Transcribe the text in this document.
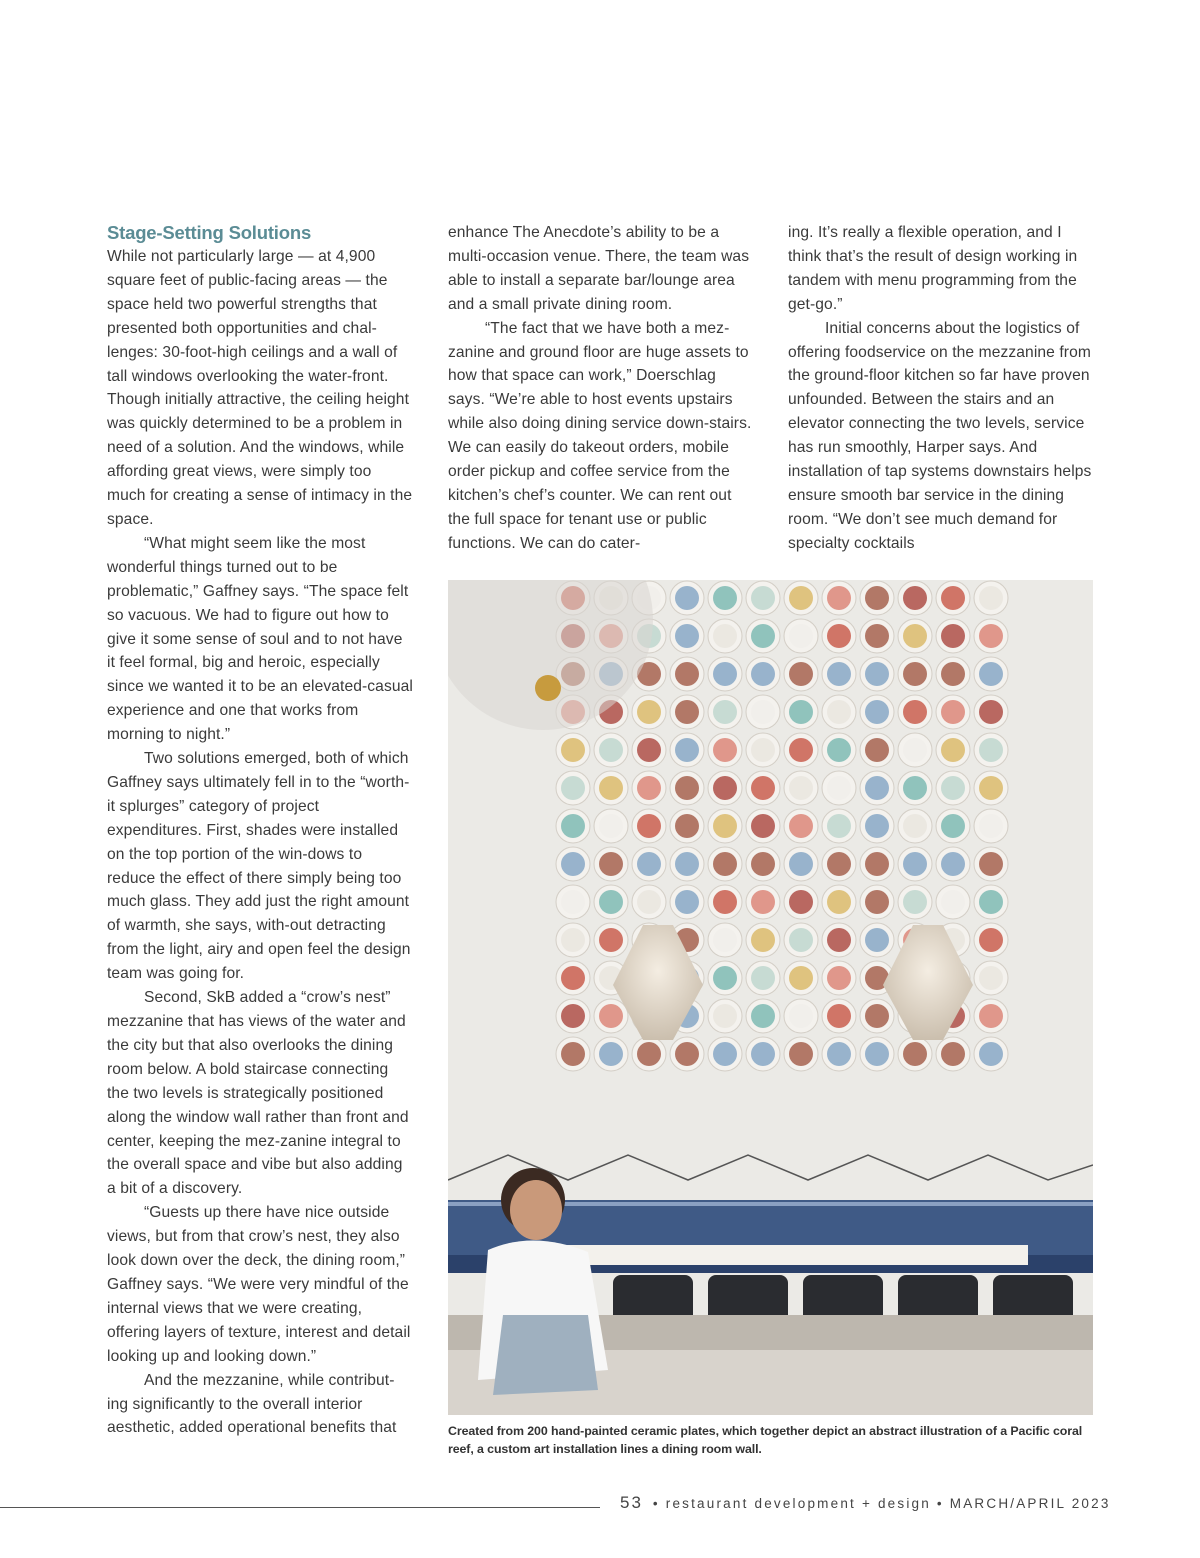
Stage-Setting Solutions

While not particularly large — at 4,900 square feet of public-facing areas — the space held two powerful strengths that presented both opportunities and chal-lenges: 30-foot-high ceilings and a wall of tall windows overlooking the water-front. Though initially attractive, the ceiling height was quickly determined to be a problem in need of a solution. And the windows, while affording great views, were simply too much for creating a sense of intimacy in the space.

“What might seem like the most wonderful things turned out to be problematic,” Gaffney says. “The space felt so vacuous. We had to figure out how to give it some sense of soul and to not have it feel formal, big and heroic, especially since we wanted it to be an elevated-casual experience and one that works from morning to night.”

Two solutions emerged, both of which Gaffney says ultimately fell in to the “worth-it splurges” category of project expenditures. First, shades were installed on the top portion of the win-dows to reduce the effect of there simply being too much glass. They add just the right amount of warmth, she says, with-out detracting from the light, airy and open feel the design team was going for.

Second, SkB added a “crow’s nest” mezzanine that has views of the water and the city but that also overlooks the dining room below. A bold staircase connecting the two levels is strategically positioned along the window wall rather than front and center, keeping the mez-zanine integral to the overall space and vibe but also adding a bit of a discovery.

“Guests up there have nice outside views, but from that crow’s nest, they also look down over the deck, the dining room,” Gaffney says. “We were very mindful of the internal views that we were creating, offering layers of texture, interest and detail looking up and looking down.”

And the mezzanine, while contribut-ing significantly to the overall interior aesthetic, added operational benefits that

enhance The Anecdote’s ability to be a multi-occasion venue. There, the team was able to install a separate bar/lounge area and a small private dining room.

“The fact that we have both a mez-zanine and ground floor are huge assets to how that space can work,” Doerschlag says. “We’re able to host events upstairs while also doing dining service down-stairs. We can easily do takeout orders, mobile order pickup and coffee service from the kitchen’s chef’s counter. We can rent out the full space for tenant use or public functions. We can do cater-

ing. It’s really a flexible operation, and I think that’s the result of design working in tandem with menu programming from the get-go.”

Initial concerns about the logistics of offering foodservice on the mezzanine from the ground-floor kitchen so far have proven unfounded. Between the stairs and an elevator connecting the two levels, service has run smoothly, Harper says. And installation of tap systems downstairs helps ensure smooth bar service in the dining room. “We don’t see much demand for specialty cocktails

Created from 200 hand-painted ceramic plates, which together depict an abstract illustration of a Pacific coral reef, a custom art installation lines a dining room wall.
53 • restaurant development + design • MARCH/APRIL 2023
